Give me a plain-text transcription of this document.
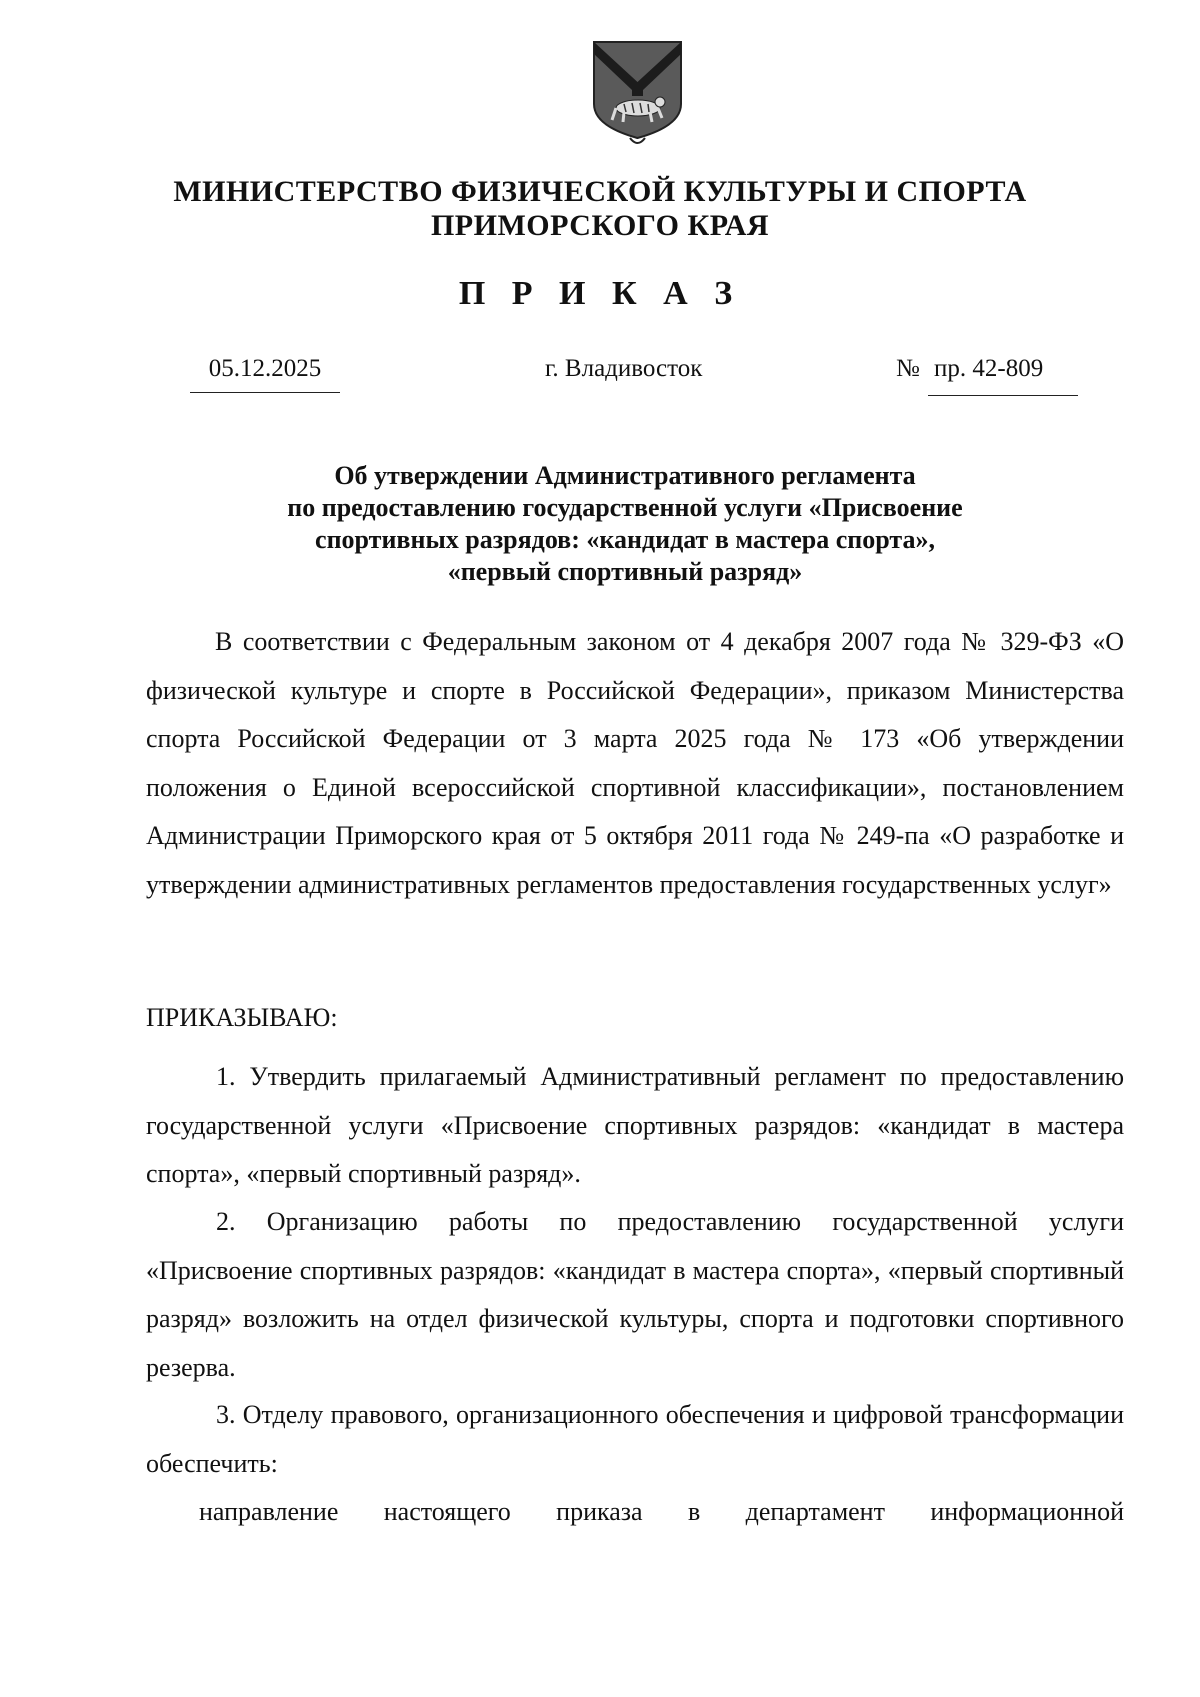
МИНИСТЕРСТВО ФИЗИЧЕСКОЙ КУЛЬТУРЫ И СПОРТА
ПРИМОРСКОГО КРАЯ
П Р И К А З
05.12.2025	г. Владивосток	№ пр. 42-809
Об утверждении Административного регламента
по предоставлению государственной услуги «Присвоение
спортивных разрядов: «кандидат в мастера спорта»,
«первый спортивный разряд»

В соответствии с Федеральным законом от 4 декабря 2007 года № 329-ФЗ «О физической культуре и спорте в Российской Федерации», приказом Министерства спорта Российской Федерации от 3 марта 2025 года № 173 «Об утверждении положения о Единой всероссийской спортивной классификации», постановлением Администрации Приморского края от 5 октября 2011 года № 249-па «О разработке и утверждении административных регламентов предоставления государственных услуг»

ПРИКАЗЫВАЮ:

1. Утвердить прилагаемый Административный регламент по предоставлению государственной услуги «Присвоение спортивных разрядов: «кандидат в мастера спорта», «первый спортивный разряд».

2. Организацию работы по предоставлению государственной услуги «Присвоение спортивных разрядов: «кандидат в мастера спорта», «первый спортивный разряд» возложить на отдел физической культуры, спорта и подготовки спортивного резерва.

3. Отделу правового, организационного обеспечения и цифровой трансформации обеспечить:

направление настоящего приказа в департамент информационной
